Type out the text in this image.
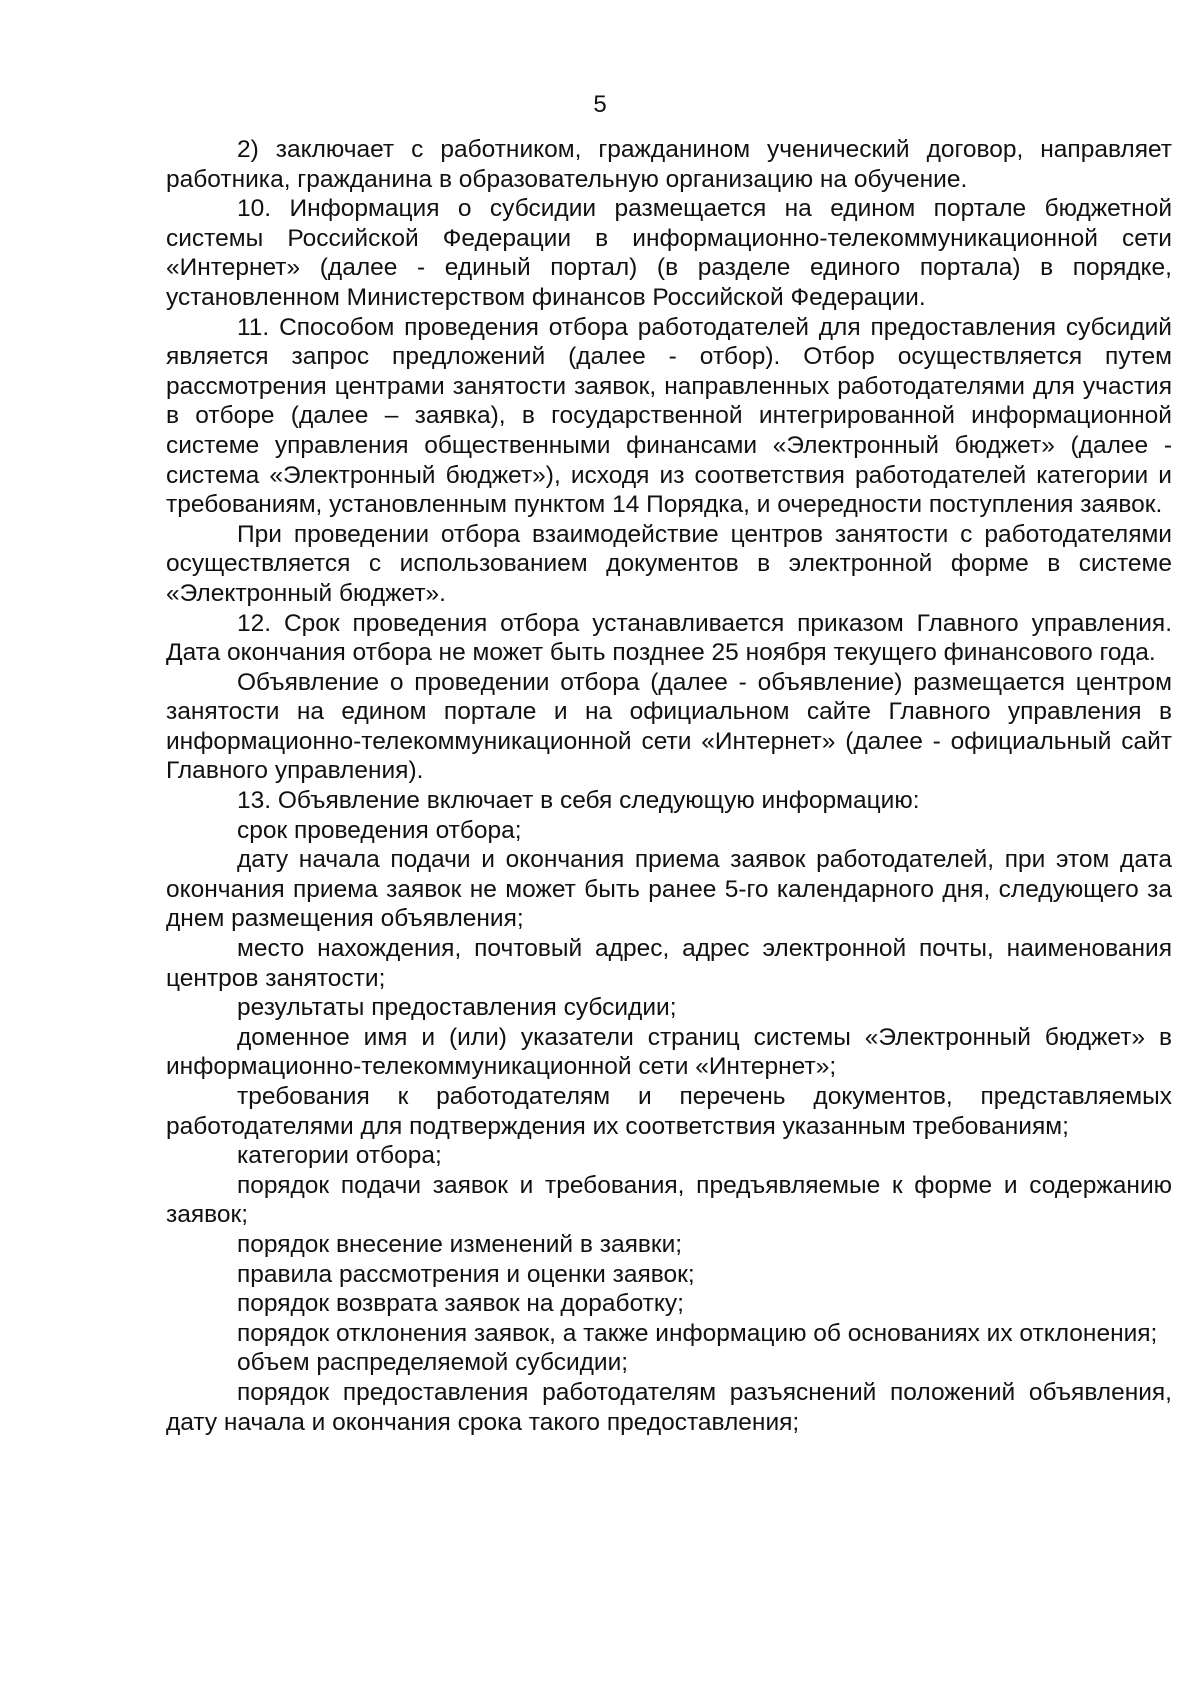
5

2) заключает с работником, гражданином ученический договор, направляет работника, гражданина в образовательную организацию на обучение.

10. Информация о субсидии размещается на едином портале бюджетной системы Российской Федерации в информационно-телекоммуникационной сети «Интернет» (далее - единый портал) (в разделе единого портала) в порядке, установленном Министерством финансов Российской Федерации.

11. Способом проведения отбора работодателей для предоставления субсидий является запрос предложений (далее - отбор). Отбор осуществляется путем рассмотрения центрами занятости заявок, направленных работодателями для участия в отборе (далее – заявка), в государственной интегрированной информационной системе управления общественными финансами «Электронный бюджет» (далее - система «Электронный бюджет»), исходя из соответствия работодателей категории и требованиям, установленным пунктом 14 Порядка, и очередности поступления заявок.

При проведении отбора взаимодействие центров занятости с работодателями осуществляется с использованием документов в электронной форме в системе «Электронный бюджет».

12. Срок проведения отбора устанавливается приказом Главного управления. Дата окончания отбора не может быть позднее 25 ноября текущего финансового года.

Объявление о проведении отбора (далее - объявление) размещается центром занятости на едином портале и на официальном сайте Главного управления в информационно-телекоммуникационной сети «Интернет» (далее - официальный сайт Главного управления).

13. Объявление включает в себя следующую информацию:

срок проведения отбора;

дату начала подачи и окончания приема заявок работодателей, при этом дата окончания приема заявок не может быть ранее 5-го календарного дня, следующего за днем размещения объявления;

место нахождения, почтовый адрес, адрес электронной почты, наименования центров занятости;

результаты предоставления субсидии;

доменное имя и (или) указатели страниц системы «Электронный бюджет» в информационно-телекоммуникационной сети «Интернет»;

требования к работодателям и перечень документов, представляемых работодателями для подтверждения их соответствия указанным требованиям;

категории отбора;

порядок подачи заявок и требования, предъявляемые к форме и содержанию заявок;

порядок внесение изменений в заявки;

правила рассмотрения и оценки заявок;

порядок возврата заявок на доработку;

порядок отклонения заявок, а также информацию об основаниях их отклонения;

объем распределяемой субсидии;

порядок предоставления работодателям разъяснений положений объявления, дату начала и окончания срока такого предоставления;
